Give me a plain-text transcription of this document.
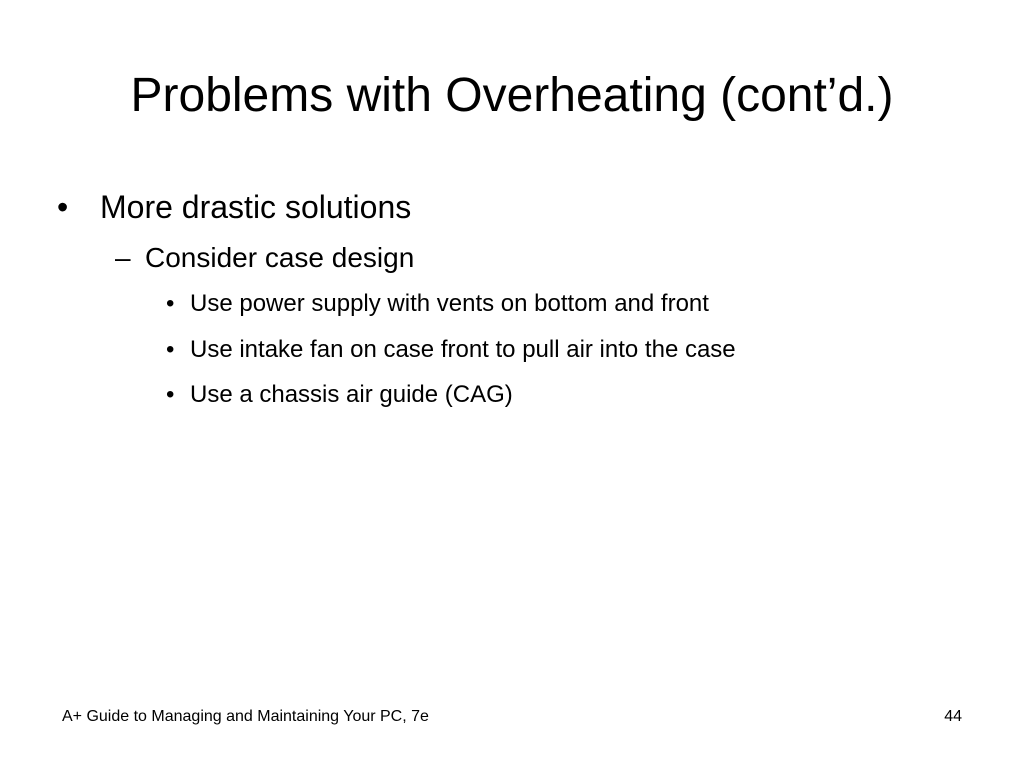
Problems with Overheating (cont’d.)
• More drastic solutions
– Consider case design
• Use power supply with vents on bottom and front
• Use intake fan on case front to pull air into the case
• Use a chassis air guide (CAG)
A+ Guide to Managing and Maintaining Your PC, 7e	44
